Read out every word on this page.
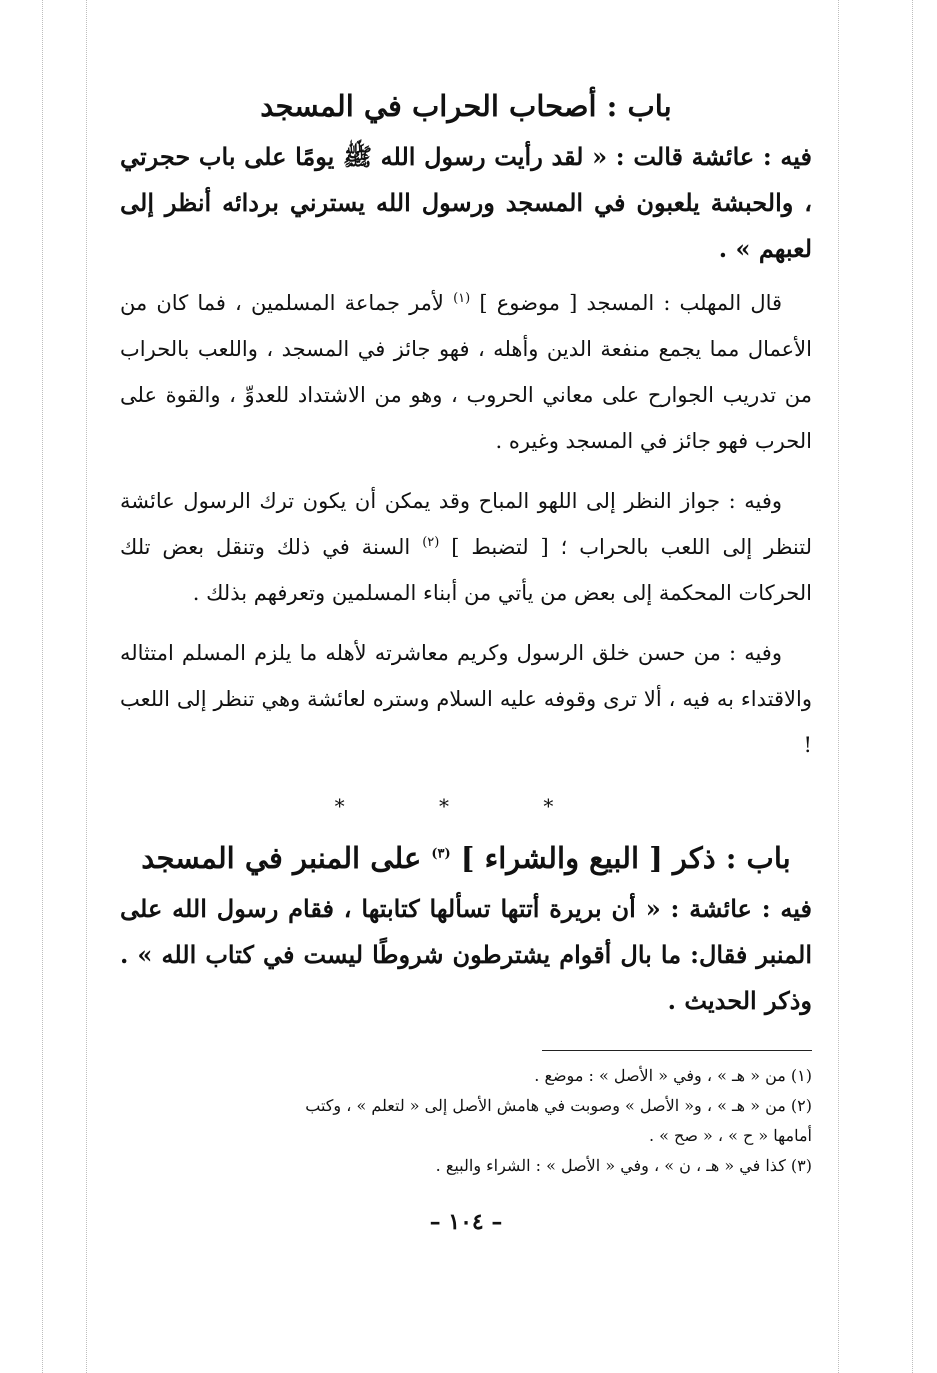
باب : أصحاب الحراب في المسجد

فيه : عائشة قالت : « لقد رأيت رسول الله ﷺ يومًا على باب حجرتي ، والحبشة يلعبون في المسجد ورسول الله يسترني بردائه أنظر إلى لعبهم » .

قال المهلب : المسجد [ موضوع ] $^{(١)}$ لأمر جماعة المسلمين ، فما كان من الأعمال مما يجمع منفعة الدين وأهله ، فهو جائز في المسجد ، واللعب بالحراب من تدريب الجوارح على معاني الحروب ، وهو من الاشتداد للعدوِّ ، والقوة على الحرب فهو جائز في المسجد وغيره .

وفيه : جواز النظر إلى اللهو المباح وقد يمكن أن يكون ترك الرسول عائشة لتنظر إلى اللعب بالحراب ؛ [ لتضبط ] $^{(٢)}$ السنة في ذلك وتنقل بعض تلك الحركات المحكمة إلى بعض من يأتي من أبناء المسلمين وتعرفهم بذلك .

وفيه : من حسن خلق الرسول وكريم معاشرته لأهله ما يلزم المسلم امتثاله والاقتداء به فيه ، ألا ترى وقوفه عليه السلام وستره لعائشة وهي تنظر إلى اللعب !

* * *
باب : ذكر [ البيع والشراء ] $^{(٣)}$ على المنبر في المسجد

فيه : عائشة : « أن بريرة أتتها تسألها كتابتها ، فقام رسول الله على المنبر فقال: ما بال أقوام يشترطون شروطًا ليست في كتاب الله » . وذكر الحديث .

(١) من « هـ » ، وفي « الأصل » : موضع .

(٢) من « هـ » ، و« الأصل » وصوبت في هامش الأصل إلى « لتعلم » ، وكتب

أمامها « ح » ، « صح » .

(٣) كذا في « هـ ، ن » ، وفي « الأصل » : الشراء والبيع .

– ١٠٤ –
